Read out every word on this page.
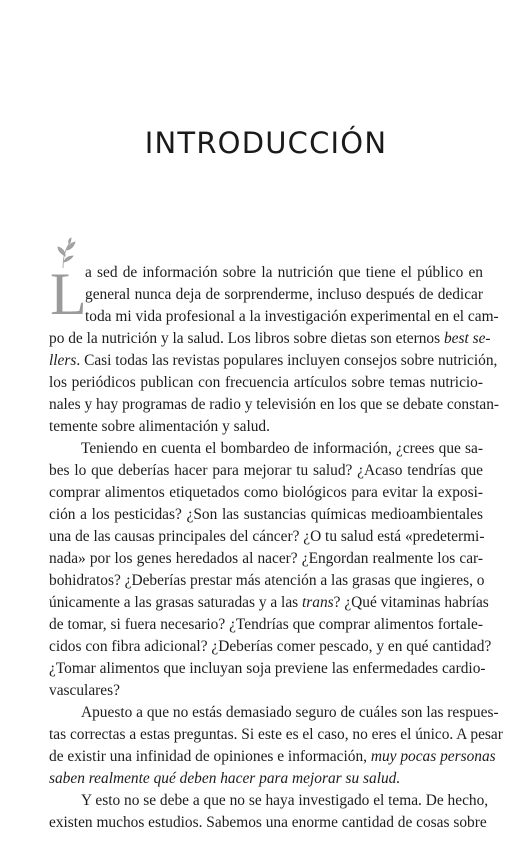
INTRODUCCIÓN
L
a sed de información sobre la nutrición que tiene el público en
general nunca deja de sorprenderme, incluso después de dedicar
toda mi vida profesional a la investigación experimental en el cam-
po de la nutrición y la salud. Los libros sobre dietas son eternos best se-
llers. Casi todas las revistas populares incluyen consejos sobre nutrición,
los periódicos publican con frecuencia artículos sobre temas nutricio-
nales y hay programas de radio y televisión en los que se debate constan-
temente sobre alimentación y salud.
Teniendo en cuenta el bombardeo de información, ¿crees que sa-
bes lo que deberías hacer para mejorar tu salud? ¿Acaso tendrías que
comprar alimentos etiquetados como biológicos para evitar la exposi-
ción a los pesticidas? ¿Son las sustancias químicas medioambientales
una de las causas principales del cáncer? ¿O tu salud está «predetermi-
nada» por los genes heredados al nacer? ¿Engordan realmente los car-
bohidratos? ¿Deberías prestar más atención a las grasas que ingieres, o
únicamente a las grasas saturadas y a las trans? ¿Qué vitaminas habrías
de tomar, si fuera necesario? ¿Tendrías que comprar alimentos fortale-
cidos con fibra adicional? ¿Deberías comer pescado, y en qué cantidad?
¿Tomar alimentos que incluyan soja previene las enfermedades cardio-
vasculares?
Apuesto a que no estás demasiado seguro de cuáles son las respues-
tas correctas a estas preguntas. Si este es el caso, no eres el único. A pesar
de existir una infinidad de opiniones e información, muy pocas personas
saben realmente qué deben hacer para mejorar su salud.
Y esto no se debe a que no se haya investigado el tema. De hecho,
existen muchos estudios. Sabemos una enorme cantidad de cosas sobre
